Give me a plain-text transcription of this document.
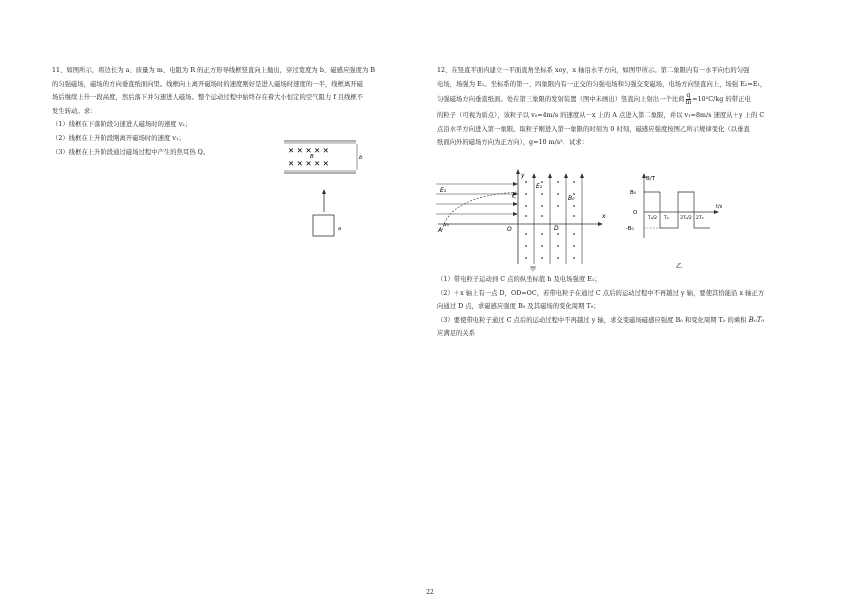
11、如图所示，将边长为 a、质量为 m、电阻为 R 的正方形导线框竖直向上抛出，穿过宽度为 b、磁感应强度为 B

的匀强磁场，磁场的方向垂直纸面向里。线框向上离开磁场时的速度刚好是进人磁场时速度的一半，线框离开磁

场后继续上升一段高度，然后落下并匀速进人磁场。整个运动过程中始终存在着大小恒定的空气阻力 f 且线框不

发生转动。求：

（1）线框在下落阶段匀速进人磁场时的速度 v₂；

（2）线框在上升阶段刚离开磁场时的速度 v₁；

（3）线框在上升阶段通过磁场过程中产生的焦耳热 Q。	✕ ✕ ✕ ✕ ✕
✕ ✕ ✕ ✕ ✕
B	b
a

12、在竖直平面内建立一平面直角坐标系 xoy，x 轴沿水平方向，如图甲所示。第二象限内有一水平向右的匀强

电场，场强为 E₁。坐标系的第一、四象限内有一正交的匀强电场和匀强交变磁场，电场方向竖直向上，场强 E₂=E₁，

匀强磁场方向垂直纸面。处在第三象限的发射装置（图中未画出）竖直向上射出一个比荷 $\frac{q}{m} =10^2C/kg$ 的带正电

的粒子（可视为质点），该粒子以 v₀=4m/s 的速度从－x 上的 A 点进入第二象限，并以 v₁=8m/s 速度从＋y 上的 C

点沿水平方向进入第一象限。取粒子刚进入第一象限的时刻为 0 时刻，磁感应强度按图乙所示规律变化（以垂直

纸面向外的磁场方向为正方向），g=10 m/s²．试求：

E₁
v₀
y
x
C
O
A
E₂
B₀
D
甲
B/T
t/s
B₀
O
-B₀
T₀/2 T₀	3T₀/2 2T₀
乙

（1）带电粒子运动到 C 点的纵坐标值 h 及电场强度 E₁；

（2）＋x 轴上有一点 D，OD=OC，若带电粒子在通过 C 点后的运动过程中不再越过 y 轴，要使其恰能沿 x 轴正方

向通过 D 点，求磁感应强度 B₀ 及其磁场的变化周期 T₀；

（3）要使带电粒子通过 C 点后的运动过程中不再越过 y 轴，求交变磁场磁感应强度 B₀ 和变化周期 T₀ 的乘积 B₀T₀

应满足的关系

22
